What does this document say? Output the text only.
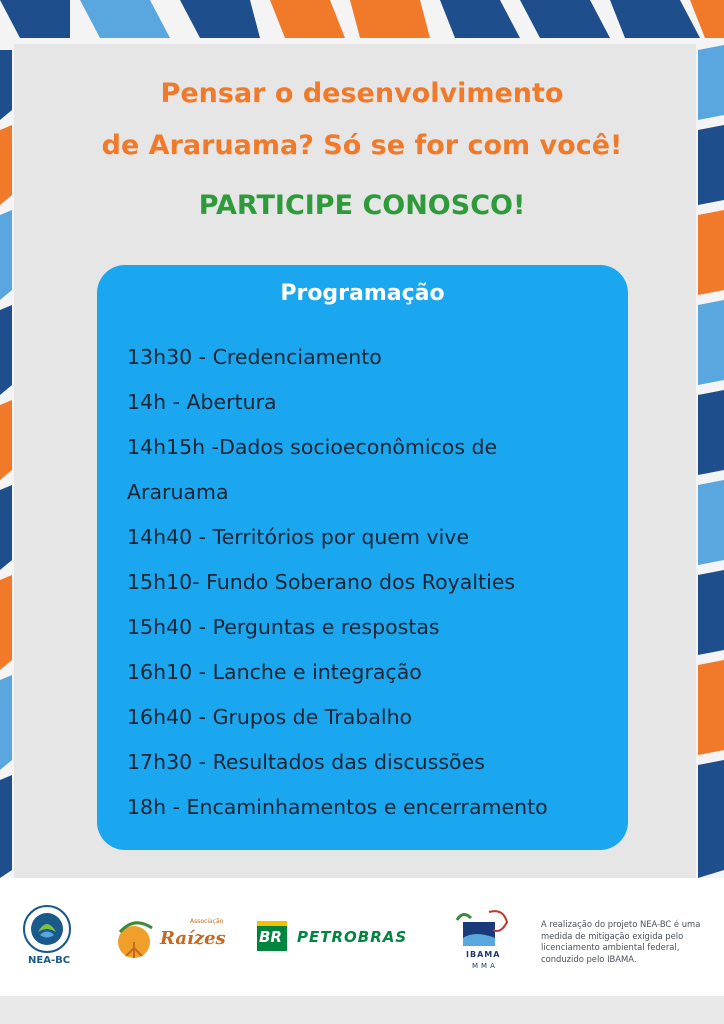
Pensar o desenvolvimento
de Araruama? Só se for com você!
PARTICIPE CONOSCO!
Programação
13h30 - Credenciamento
14h - Abertura
14h15h -Dados socioeconômicos de
Araruama
14h40 - Territórios por quem vive
15h10- Fundo Soberano dos Royalties
15h40 - Perguntas e respostas
16h10 - Lanche e integração
16h40 - Grupos de Trabalho
17h30 - Resultados das discussões
18h - Encaminhamentos e encerramento
NEA-BC
Associação
Raízes BR PETROBRAS
IBAMA
MMA

A realização do projeto NEA-BC é uma medida de mitigação exigida pelo licenciamento ambiental federal, conduzido pelo IBAMA.
